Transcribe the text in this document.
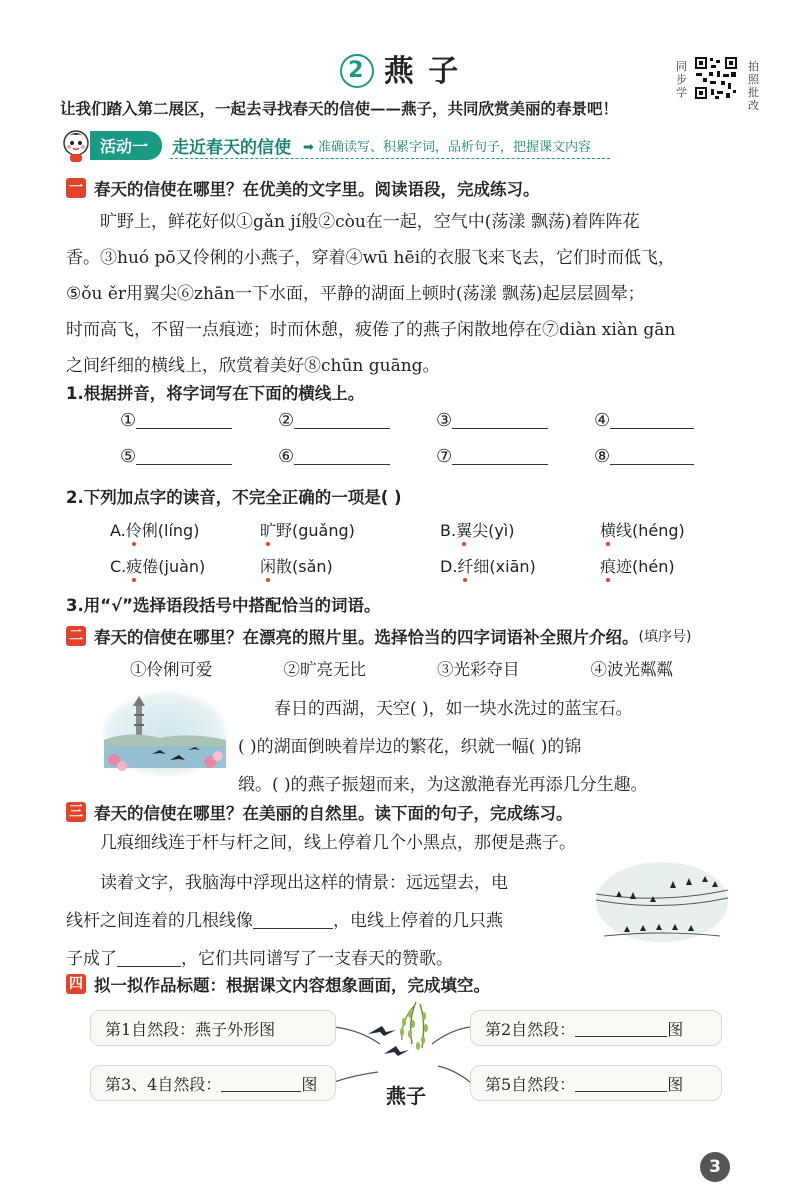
2 燕 子	同步学
拍照批改
让我们踏入第二展区，一起去寻找春天的信使——燕子，共同欣赏美丽的春景吧！
活动一	走近春天的信使 ➡ 准确读写、积累字词，品析句子，把握课文内容
一 春天的信使在哪里？在优美的文字里。阅读语段，完成练习。
旷野上，鲜花好似①gǎn jí般②còu在一起，空气中(荡漾 飘荡)着阵阵花
香。③huó pō又伶俐的小燕子，穿着④wū hēi的衣服飞来飞去，它们时而低飞，
⑤ǒu ěr用翼尖⑥zhān一下水面，平静的湖面上顿时(荡漾 飘荡)起层层圆晕；
时而高飞，不留一点痕迹；时而休憩，疲倦了的燕子闲散地停在⑦diàn xiàn gān
之间纤细的横线上，欣赏着美好⑧chūn guāng。
1.根据拼音，将字词写在下面的横线上。
①	②	③	④
⑤	⑥	⑦	⑧
2.下列加点字的读音，不完全正确的一项是( )
A.伶俐(líng)	旷野(guǎng)	B.翼尖(yì)	横线(héng)
C.疲倦(juàn)	闲散(sǎn)	D.纤细(xiān)	痕迹(hén)
3.用“√”选择语段括号中搭配恰当的词语。
二 春天的信使在哪里？在漂亮的照片里。选择恰当的四字词语补全照片介绍。 (填序号)
①伶俐可爱	②旷亮无比	③光彩夺目	④波光粼粼
春日的西湖，天空( )，如一块水洗过的蓝宝石。
( )的湖面倒映着岸边的繁花，织就一幅( )的锦
缎。( )的燕子振翅而来，为这激滟春光再添几分生趣。
三 春天的信使在哪里？在美丽的自然里。读下面的句子，完成练习。
几痕细线连于杆与杆之间，线上停着几个小黑点，那便是燕子。
读着文字，我脑海中浮现出这样的情景：远远望去，电
线杆之间连着的几根线像	，电线上停着的几只燕
子成了	，它们共同谱写了一支春天的赞歌。
四 拟一拟作品标题：根据课文内容想象画面，完成填空。
第1自然段：燕子外形图	第2自然段：	图
第3、4自然段：	图	第5自然段：	图
燕子
3
